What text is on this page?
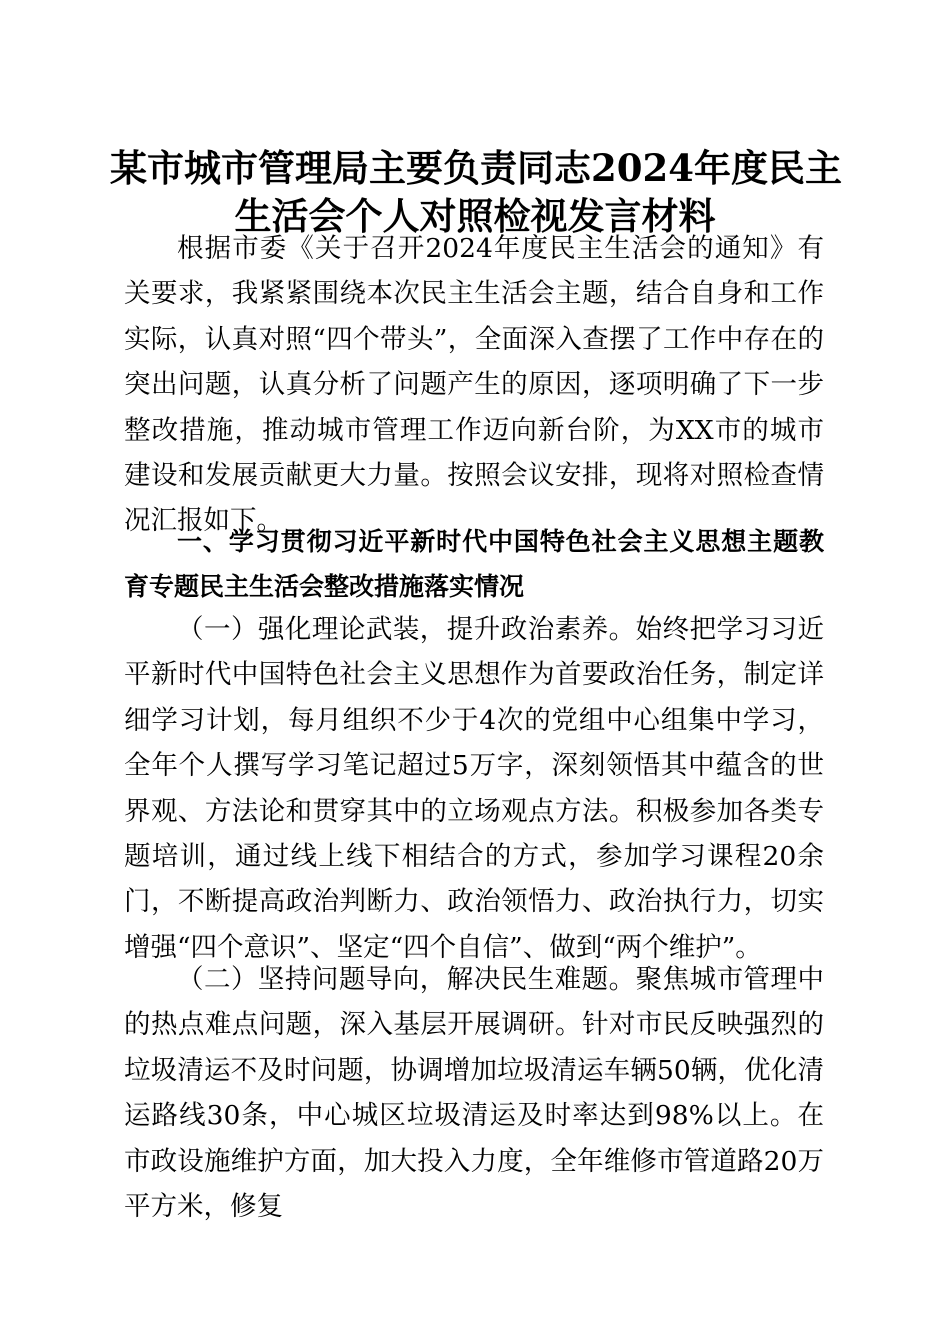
某市城市管理局主要负责同志2024年度民主
生活会个人对照检视发言材料

根据市委《关于召开2024年度民主生活会的通知》有关要求，我紧紧围绕本次民主生活会主题，结合自身和工作实际，认真对照“四个带头”，全面深入查摆了工作中存在的突出问题，认真分析了问题产生的原因，逐项明确了下一步整改措施，推动城市管理工作迈向新台阶，为XX市的城市建设和发展贡献更大力量。按照会议安排，现将对照检查情况汇报如下。

一、学习贯彻习近平新时代中国特色社会主义思想主题教育专题民主生活会整改措施落实情况

（一）强化理论武装，提升政治素养。始终把学习习近平新时代中国特色社会主义思想作为首要政治任务，制定详细学习计划，每月组织不少于4次的党组中心组集中学习，全年个人撰写学习笔记超过5万字，深刻领悟其中蕴含的世界观、方法论和贯穿其中的立场观点方法。积极参加各类专题培训，通过线上线下相结合的方式，参加学习课程20余门，不断提高政治判断力、政治领悟力、政治执行力，切实增强“四个意识”、坚定“四个自信”、做到“两个维护”。

（二）坚持问题导向，解决民生难题。聚焦城市管理中的热点难点问题，深入基层开展调研。针对市民反映强烈的垃圾清运不及时问题，协调增加垃圾清运车辆50辆，优化清运路线30条，中心城区垃圾清运及时率达到98%以上。在市政设施维护方面，加大投入力度，全年维修市管道路20万平方米，修复
